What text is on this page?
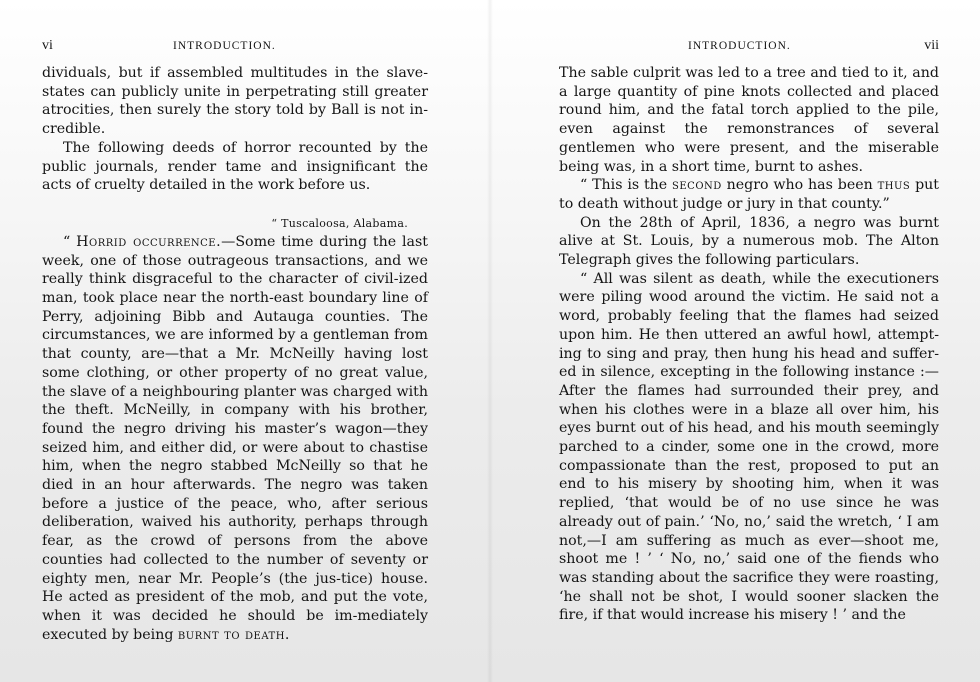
vi	INTRODUCTION.

dividuals, but if assembled multitudes in the slave-states can publicly unite in perpetrating still greater atrocities, then surely the story told by Ball is not in-credible.

The following deeds of horror recounted by the public journals, render tame and insignificant the acts of cruelty detailed in the work before us.

“ Tuscaloosa, Alabama.

“ Horrid occurrence.—Some time during the last week, one of those outrageous transactions, and we really think disgraceful to the character of civil-ized man, took place near the north-east boundary line of Perry, adjoining Bibb and Autauga counties. The circumstances, we are informed by a gentleman from that county, are—that a Mr. McNeilly having lost some clothing, or other property of no great value, the slave of a neighbouring planter was charged with the theft. McNeilly, in company with his brother, found the negro driving his master’s wagon—they seized him, and either did, or were about to chastise him, when the negro stabbed McNeilly so that he died in an hour afterwards. The negro was taken before a justice of the peace, who, after serious deliberation, waived his authority, perhaps through fear, as the crowd of persons from the above counties had collected to the number of seventy or eighty men, near Mr. People’s (the jus-tice) house. He acted as president of the mob, and put the vote, when it was decided he should be im-mediately executed by being burnt to death.

INTRODUCTION.	vii

The sable culprit was led to a tree and tied to it, and a large quantity of pine knots collected and placed round him, and the fatal torch applied to the pile, even against the remonstrances of several gentlemen who were present, and the miserable being was, in a short time, burnt to ashes.

“ This is the second negro who has been thus put to death without judge or jury in that county.”

On the 28th of April, 1836, a negro was burnt alive at St. Louis, by a numerous mob. The Alton Telegraph gives the following particulars.

“ All was silent as death, while the executioners were piling wood around the victim. He said not a word, probably feeling that the flames had seized upon him. He then uttered an awful howl, attempt-ing to sing and pray, then hung his head and suffer-ed in silence, excepting in the following instance :—After the flames had surrounded their prey, and when his clothes were in a blaze all over him, his eyes burnt out of his head, and his mouth seemingly parched to a cinder, some one in the crowd, more compassionate than the rest, proposed to put an end to his misery by shooting him, when it was replied, ‘that would be of no use since he was already out of pain.’ ‘No, no,’ said the wretch, ‘ I am not,—I am suffering as much as ever—shoot me, shoot me ! ’ ‘ No, no,’ said one of the fiends who was standing about the sacrifice they were roasting, ‘he shall not be shot, I would sooner slacken the fire, if that would increase his misery ! ’ and the
